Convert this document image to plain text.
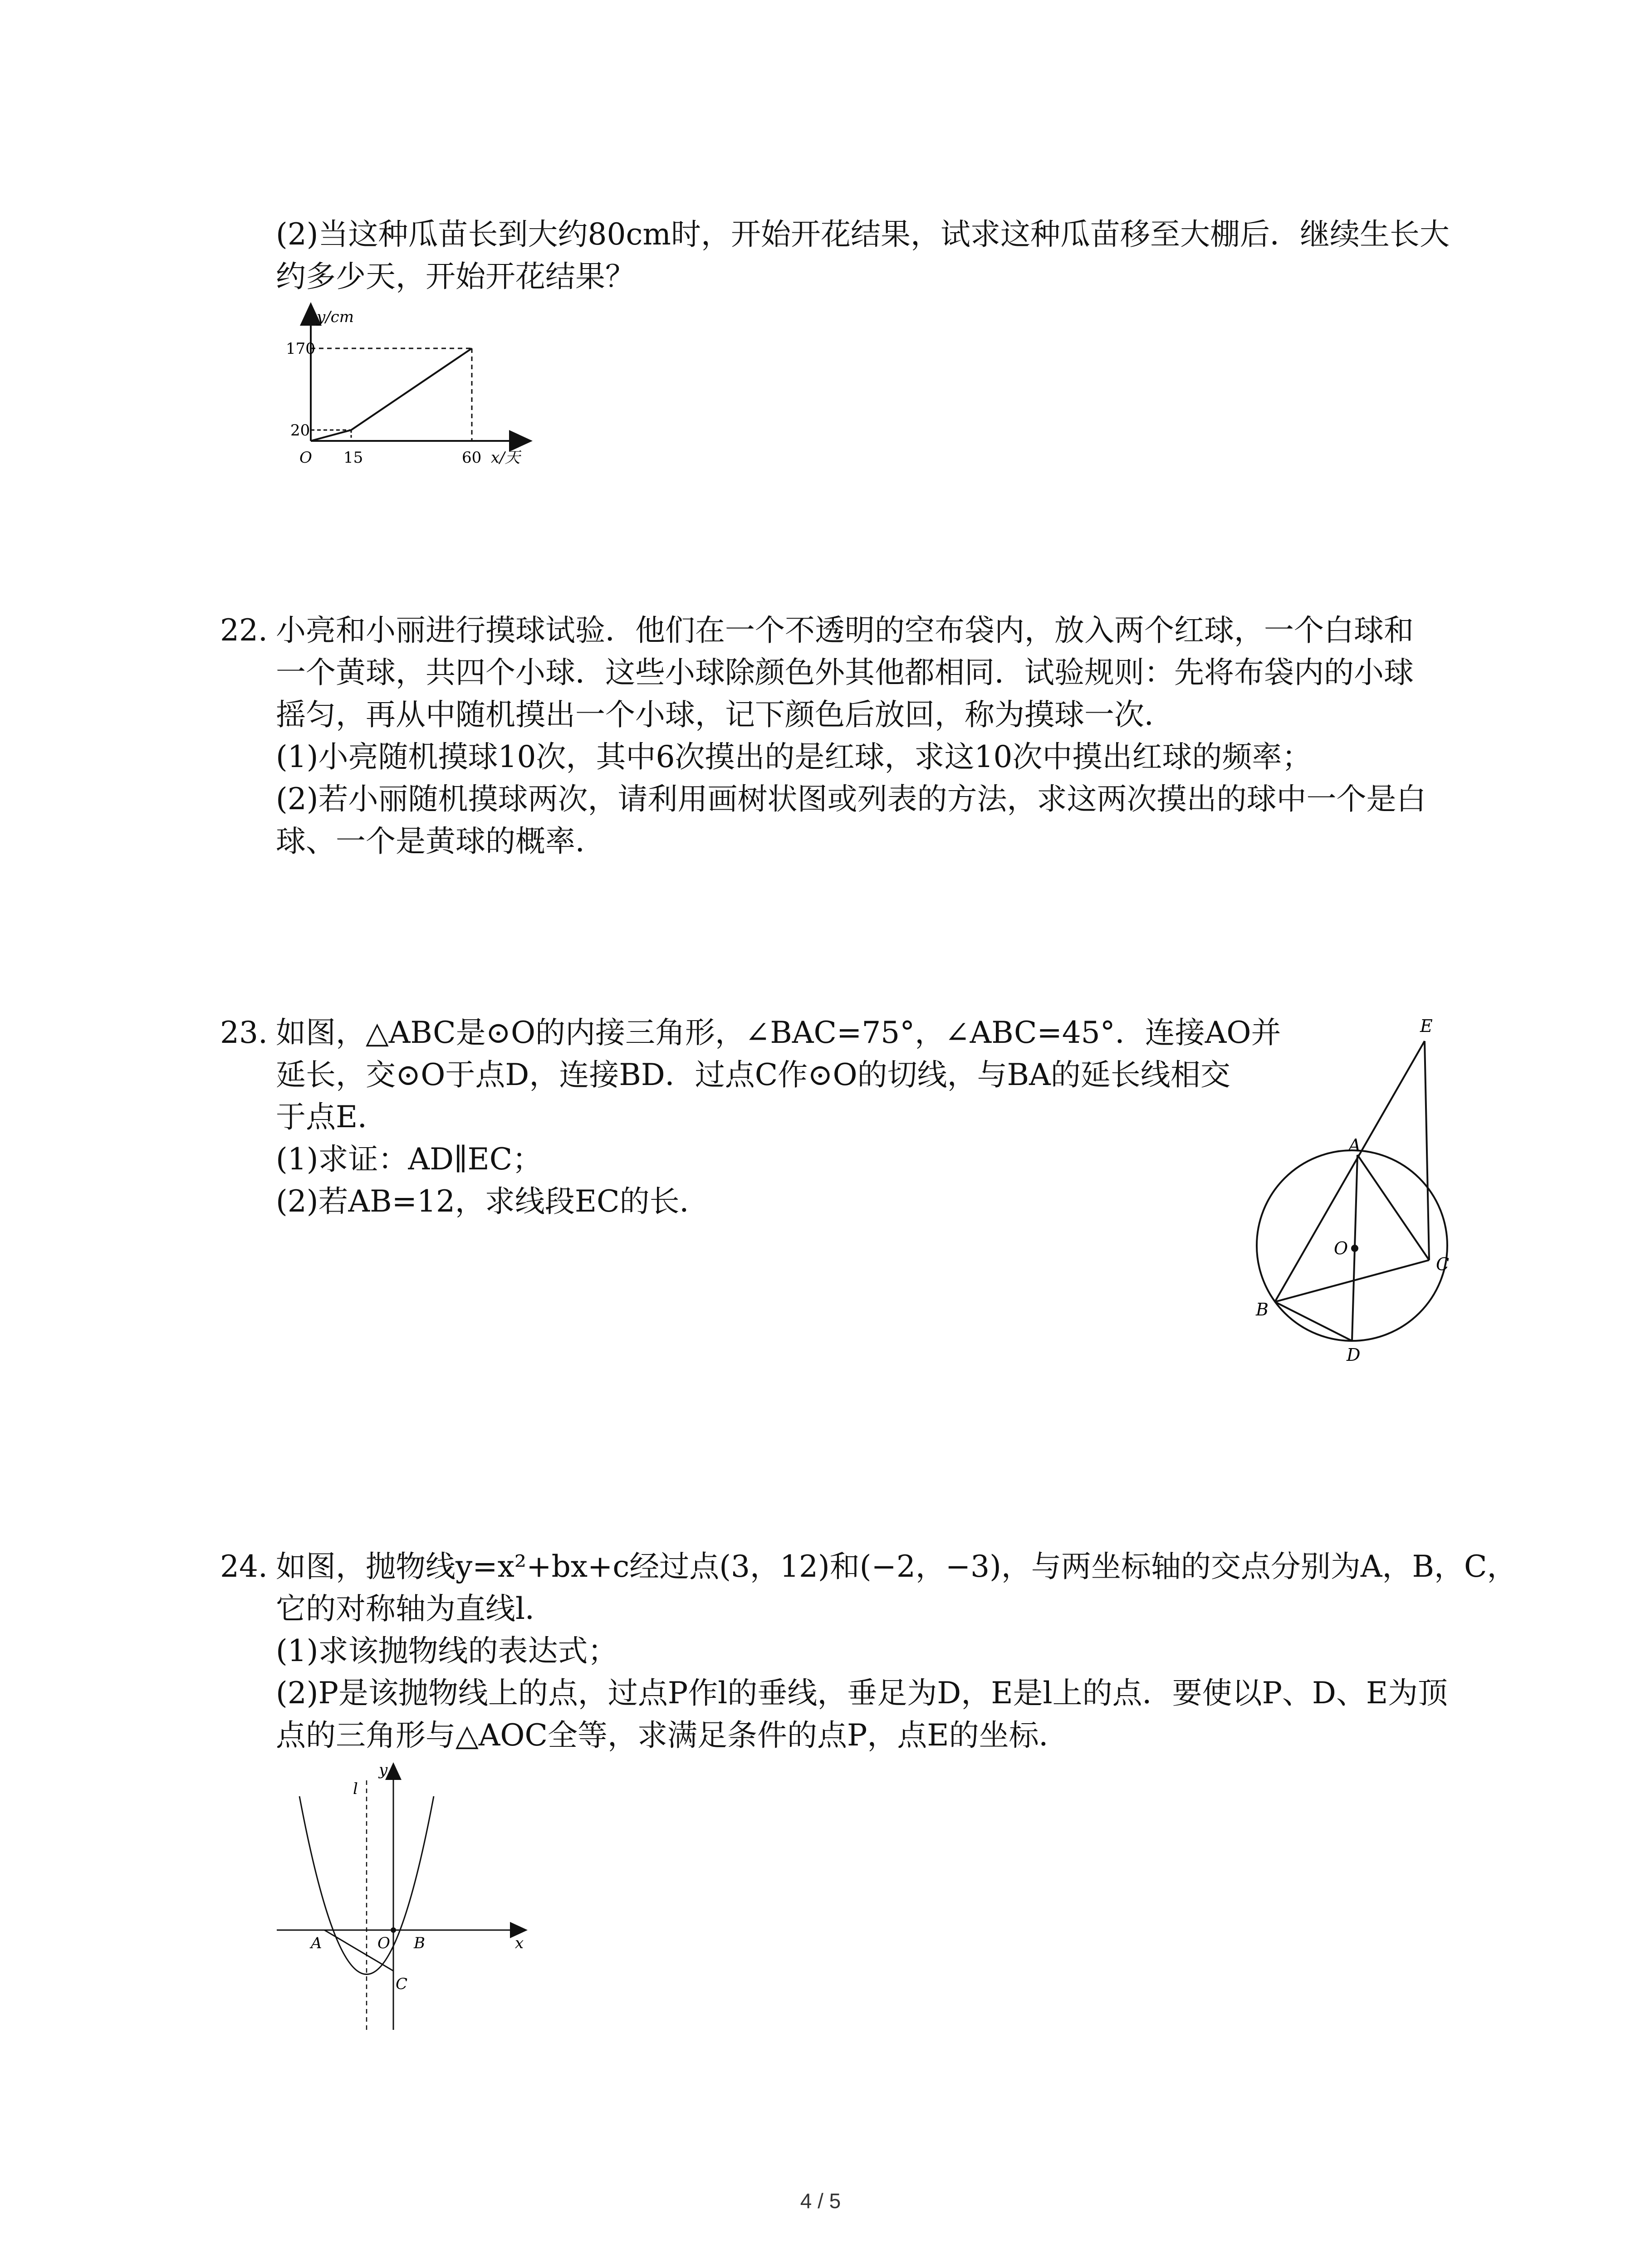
(2)当这种瓜苗长到大约80cm时，开始开花结果，试求这种瓜苗移至大棚后．继续生长大

约多少天，开始开花结果？

y/cm
170
20
O 15	60 x/天
22. 小亮和小丽进行摸球试验．他们在一个不透明的空布袋内，放入两个红球，一个白球和

一个黄球，共四个小球．这些小球除颜色外其他都相同．试验规则：先将布袋内的小球

摇匀，再从中随机摸出一个小球，记下颜色后放回，称为摸球一次．

(1)小亮随机摸球10次，其中6次摸出的是红球，求这10次中摸出红球的频率；

(2)若小丽随机摸球两次，请利用画树状图或列表的方法，求这两次摸出的球中一个是白

球、一个是黄球的概率．

23. 如图，△ABC是⊙O的内接三角形，∠BAC=75°，∠ABC=45°．连接AO并

延长，交⊙O于点D，连接BD．过点C作⊙O的切线，与BA的延长线相交

于点E．

(1)求证：AD∥EC；

(2)若AB=12，求线段EC的长．

E
A
O
C
B
D
24. 如图，抛物线y=x²+bx+c经过点(3，12)和(−2，−3)，与两坐标轴的交点分别为A，B，C，

它的对称轴为直线l．

(1)求该抛物线的表达式；

(2)P是该抛物线上的点，过点P作l的垂线，垂足为D，E是l上的点．要使以P、D、E为顶

点的三角形与△AOC全等，求满足条件的点P，点E的坐标．

y
l
x
A	O B
C
4 / 5
